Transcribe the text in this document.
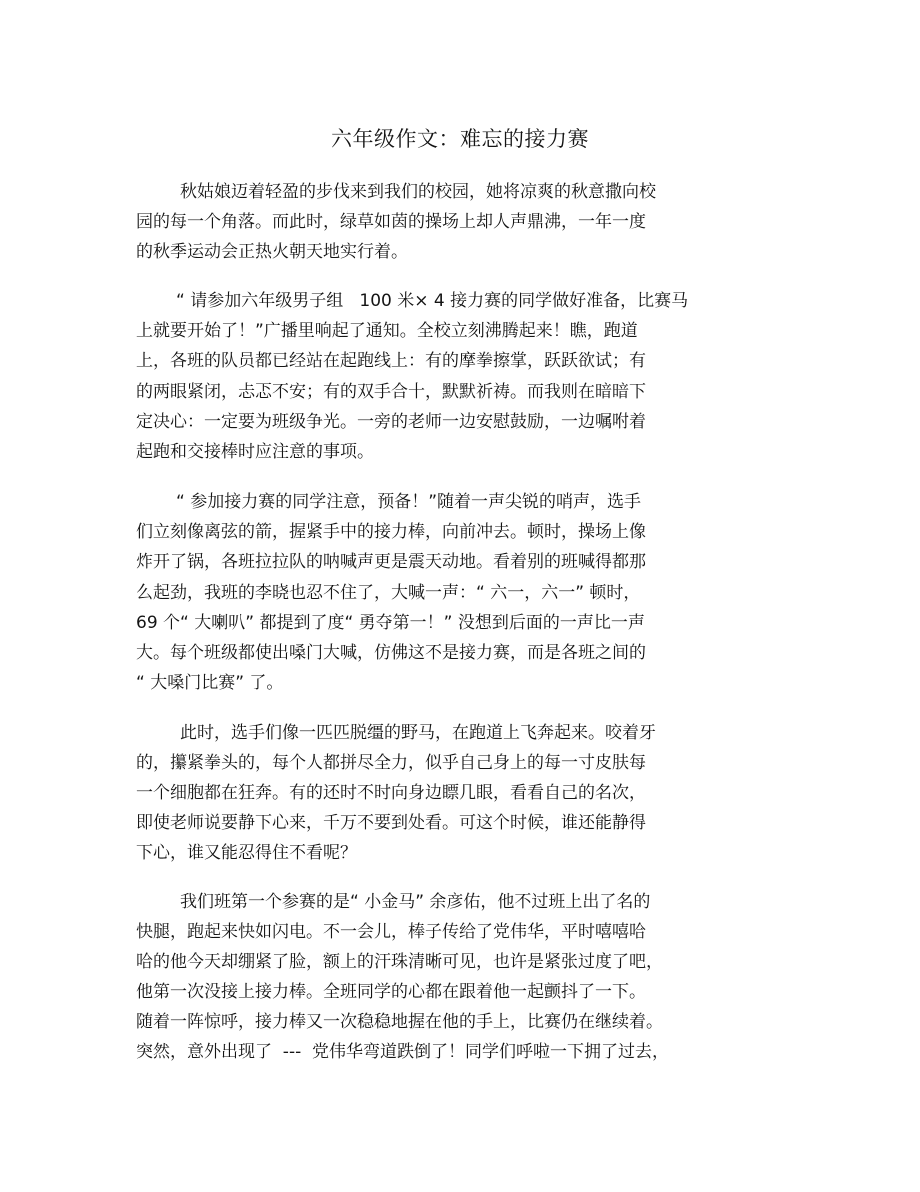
六年级作文：难忘的接力赛

秋姑娘迈着轻盈的步伐来到我们的校园，她将凉爽的秋意撒向校

园的每一个角落。而此时，绿草如茵的操场上却人声鼎沸，一年一度

的秋季运动会正热火朝天地实行着。

“ 请参加六年级男子组   100 米× 4 接力赛的同学做好准备，比赛马

上就要开始了！”广播里响起了通知。全校立刻沸腾起来！瞧，跑道

上，各班的队员都已经站在起跑线上：有的摩拳擦掌，跃跃欲试；有

的两眼紧闭，忐忑不安；有的双手合十，默默祈祷。而我则在暗暗下

定决心：一定要为班级争光。一旁的老师一边安慰鼓励，一边嘱咐着

起跑和交接棒时应注意的事项。

“ 参加接力赛的同学注意，预备！”随着一声尖锐的哨声，选手

们立刻像离弦的箭，握紧手中的接力棒，向前冲去。顿时，操场上像

炸开了锅，各班拉拉队的呐喊声更是震天动地。看着别的班喊得都那

么起劲，我班的李晓也忍不住了，大喊一声：“ 六一，六一” 顿时，

69 个“ 大喇叭” 都提到了度“ 勇夺第一！” 没想到后面的一声比一声

大。每个班级都使出嗓门大喊，仿佛这不是接力赛，而是各班之间的

“ 大嗓门比赛” 了。

此时，选手们像一匹匹脱缰的野马，在跑道上飞奔起来。咬着牙

的，攥紧拳头的，每个人都拼尽全力，似乎自己身上的每一寸皮肤每

一个细胞都在狂奔。有的还时不时向身边瞟几眼，看看自己的名次，

即使老师说要静下心来，千万不要到处看。可这个时候，谁还能静得

下心，谁又能忍得住不看呢？

我们班第一个参赛的是“ 小金马” 余彦佑，他不过班上出了名的

快腿，跑起来快如闪电。不一会儿，棒子传给了党伟华，平时嘻嘻哈

哈的他今天却绷紧了脸，额上的汗珠清晰可见，也许是紧张过度了吧，

他第一次没接上接力棒。全班同学的心都在跟着他一起颤抖了一下。

随着一阵惊呼，接力棒又一次稳稳地握在他的手上，比赛仍在继续着。

突然，意外出现了  ---  党伟华弯道跌倒了！同学们呼啦一下拥了过去，
